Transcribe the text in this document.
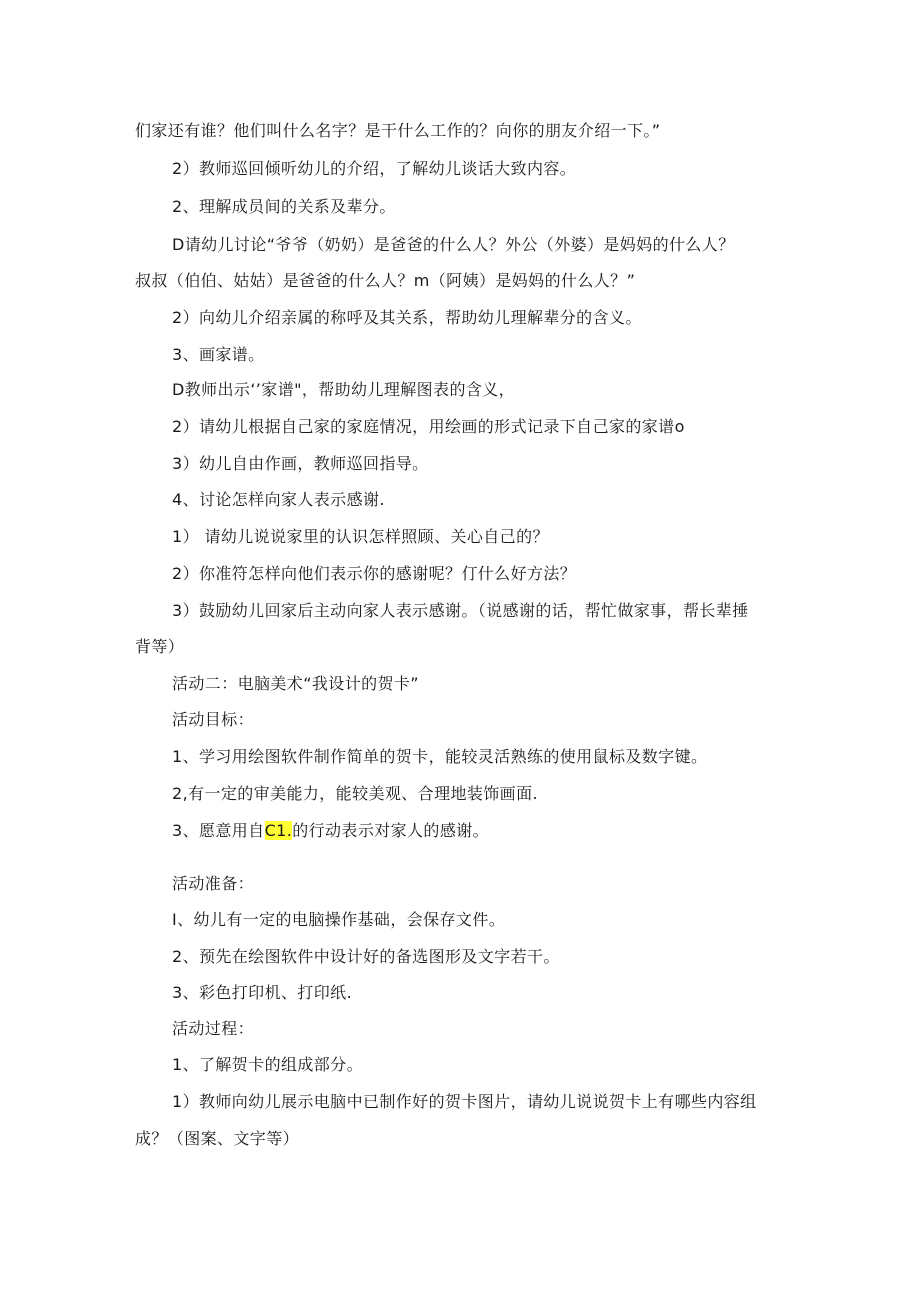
们家还有谁？他们叫什么名字？是干什么工作的？向你的朋友介绍一下。”
2）教师巡回倾听幼儿的介绍，了解幼儿谈话大致内容。
2、理解成员间的关系及辈分。
D请幼儿讨论“爷爷（奶奶）是爸爸的什么人？外公（外婆）是妈妈的什么人？
叔叔（伯伯、姑姑）是爸爸的什么人？m（阿姨）是妈妈的什么人？”
2）向幼儿介绍亲属的称呼及其关系，帮助幼儿理解辈分的含义。
3、画家谱。
D教师出示‘’家谱"，帮助幼儿理解图表的含义，
2）请幼儿根据自己家的家庭情况，用绘画的形式记录下自己家的家谱o
3）幼儿自由作画，教师巡回指导。
4、讨论怎样向家人表示感谢.
1） 请幼儿说说家里的认识怎样照顾、关心自己的？
2）你准符怎样向他们表示你的感谢呢？仃什么好方法？
3）鼓励幼儿回家后主动向家人表示感谢。（说感谢的话，帮忙做家事，帮长辈捶
背等）
活动二：电脑美术“我设计的贺卡”
活动目标：
1、学习用绘图软件制作简单的贺卡，能较灵活熟练的使用鼠标及数字键。
2,有一定的审美能力，能较美观、合理地装饰画面.
3、愿意用自C1.的行动表示对家人的感谢。
活动准备：
I、幼儿有一定的电脑操作基础，会保存文件。
2、预先在绘图软件中设计好的备选图形及文字若干。
3、彩色打印机、打印纸.
活动过程：
1、了解贺卡的组成部分。
1）教师向幼儿展示电脑中已制作好的贺卡图片，请幼儿说说贺卡上有哪些内容组
成？（图案、文字等）
